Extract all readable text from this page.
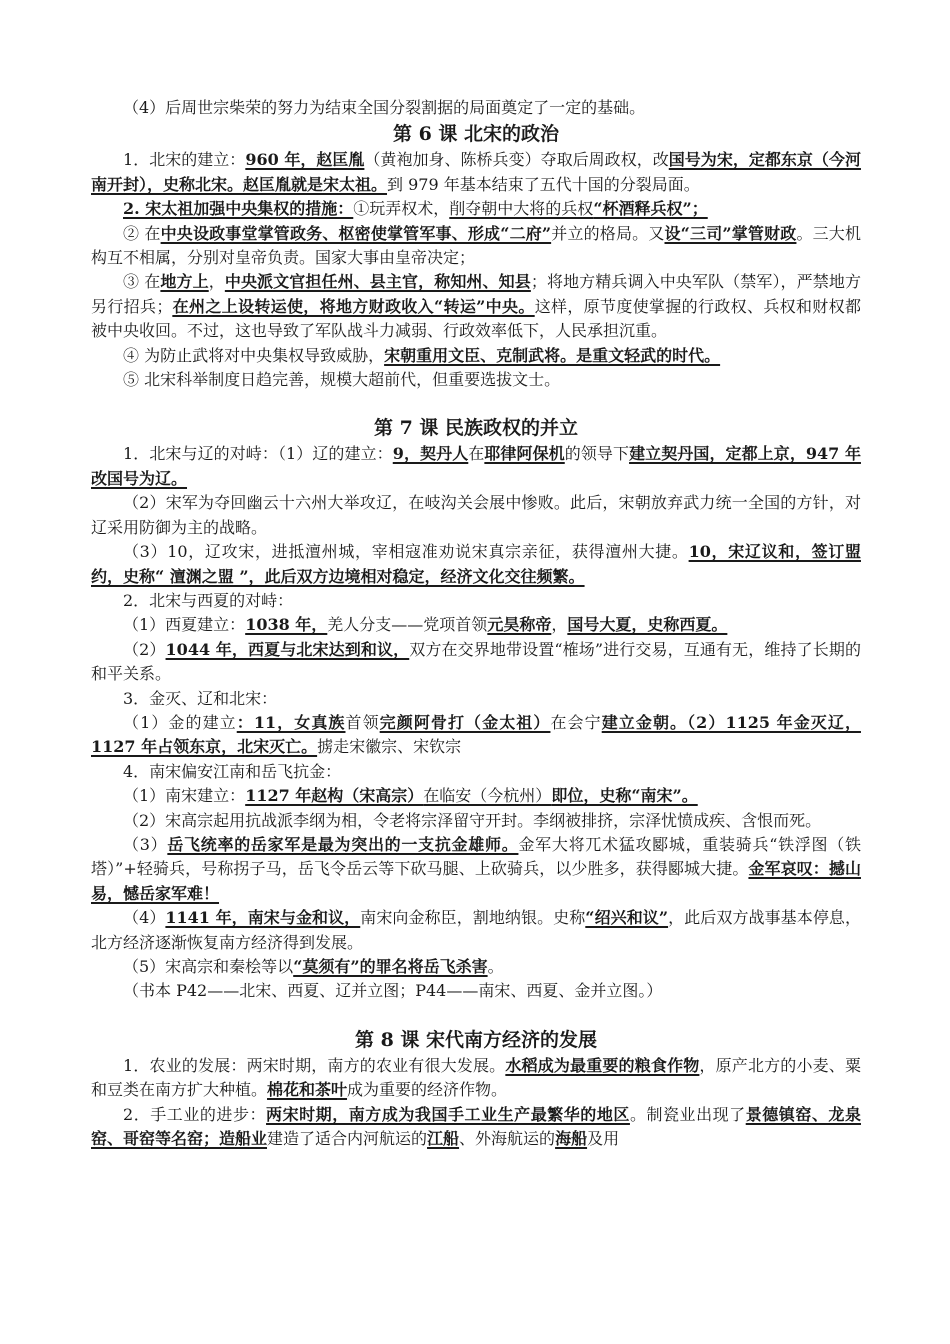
（4）后周世宗柴荣的努力为结束全国分裂割据的局面奠定了一定的基础。

第 6 课 北宋的政治

1．北宋的建立：960 年，赵匡胤（黄袍加身、陈桥兵变）夺取后周政权，改国号为宋，定都东京（今河南开封），史称北宋。赵匡胤就是宋太祖。到 979 年基本结束了五代十国的分裂局面。

2. 宋太祖加强中央集权的措施：①玩弄权术，削夺朝中大将的兵权“杯酒释兵权”；

② 在中央设政事堂掌管政务、枢密使掌管军事、形成“二府”并立的格局。又设“三司”掌管财政。三大机构互不相属，分别对皇帝负责。国家大事由皇帝决定；

③ 在地方上，中央派文官担任州、县主官，称知州、知县；将地方精兵调入中央军队（禁军），严禁地方另行招兵；在州之上设转运使，将地方财政收入“转运”中央。这样，原节度使掌握的行政权、兵权和财权都被中央收回。不过，这也导致了军队战斗力减弱、行政效率低下，人民承担沉重。

④ 为防止武将对中央集权导致威胁，宋朝重用文臣、克制武将。是重文轻武的时代。

⑤ 北宋科举制度日趋完善，规模大超前代，但重要选拔文士。

第 7 课 民族政权的并立

1．北宋与辽的对峙：（1）辽的建立：9，契丹人在耶律阿保机的领导下建立契丹国，定都上京，947 年改国号为辽。

（2）宋军为夺回幽云十六州大举攻辽，在岐沟关会展中惨败。此后，宋朝放弃武力统一全国的方针，对辽采用防御为主的战略。

（3）10，辽攻宋，进抵澶州城，宰相寇准劝说宋真宗亲征，获得澶州大捷。10，宋辽议和，签订盟约，史称“ 澶渊之盟 ”，此后双方边境相对稳定，经济文化交往频繁。

2．北宋与西夏的对峙：

（1）西夏建立：1038 年，羌人分支——党项首领元昊称帝，国号大夏，史称西夏。

（2）1044 年，西夏与北宋达到和议，双方在交界地带设置“榷场”进行交易，互通有无，维持了长期的和平关系。

3．金灭、辽和北宋：

（1）金的建立：11，女真族首领完颜阿骨打（金太祖）在会宁建立金朝。（2）1125 年金灭辽，1127 年占领东京，北宋灭亡。掳走宋徽宗、宋钦宗

4．南宋偏安江南和岳飞抗金：

（1）南宋建立：1127 年赵构（宋高宗）在临安（今杭州）即位，史称“南宋”。

（2）宋高宗起用抗战派李纲为相，令老将宗泽留守开封。李纲被排挤，宗泽忧愤成疾、含恨而死。

（3）岳飞统率的岳家军是最为突出的一支抗金雄师。金军大将兀术猛攻郾城，重装骑兵“铁浮图（铁塔）”+轻骑兵，号称拐子马，岳飞令岳云等下砍马腿、上砍骑兵，以少胜多，获得郾城大捷。金军哀叹：撼山易，憾岳家军难！

（4）1141 年，南宋与金和议，南宋向金称臣，割地纳银。史称“绍兴和议”，此后双方战事基本停息，北方经济逐渐恢复南方经济得到发展。

（5）宋高宗和秦桧等以“莫须有”的罪名将岳飞杀害。

（书本 P42——北宋、西夏、辽并立图；P44——南宋、西夏、金并立图。）

第 8 课 宋代南方经济的发展

1．农业的发展：两宋时期，南方的农业有很大发展。水稻成为最重要的粮食作物，原产北方的小麦、粟和豆类在南方扩大种植。棉花和茶叶成为重要的经济作物。

2．手工业的进步：两宋时期，南方成为我国手工业生产最繁华的地区。制瓷业出现了景德镇窑、龙泉窑、哥窑等名窑；造船业建造了适合内河航运的江船、外海航运的海船及用
